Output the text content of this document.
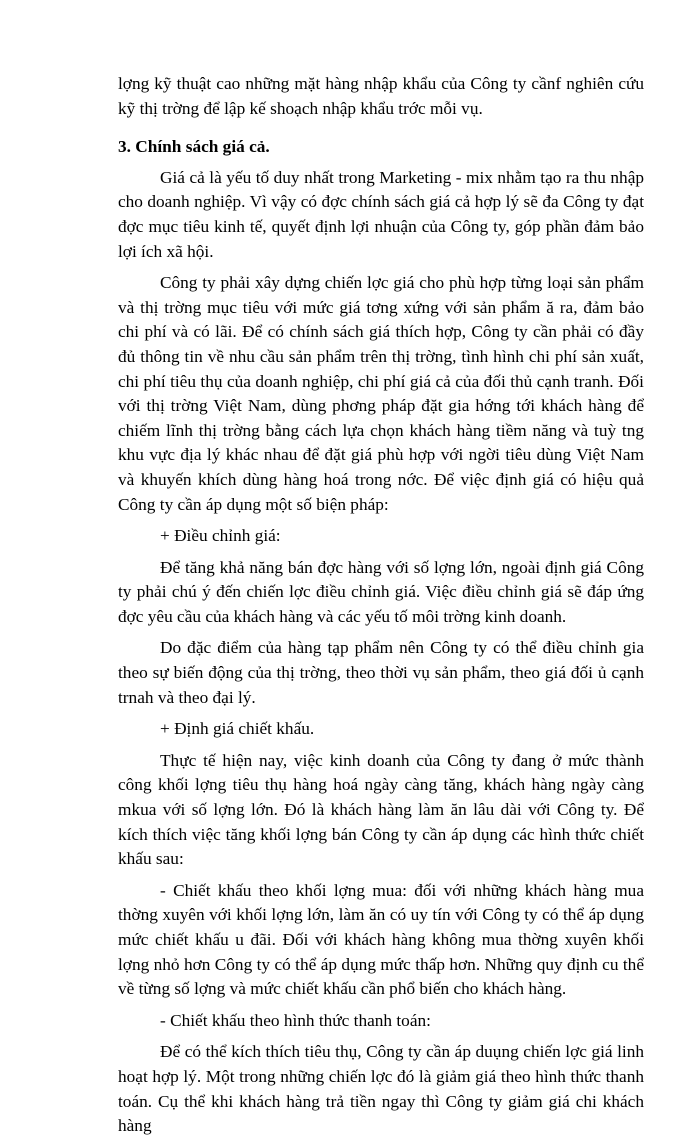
lợng kỹ thuật cao những mặt hàng nhập khẩu của Công ty cầnf nghiên cứu kỹ thị trờng để lập kế shoạch nhập khẩu trớc mỗi vụ.

3. Chính sách giá cả.

Giá cả là yếu tố duy nhất trong Marketing - mix nhằm tạo ra thu nhập cho doanh nghiệp. Vì vậy có đợc chính sách giá cả hợp lý sẽ đa Công ty đạt đợc mục tiêu kinh tế, quyết định lợi nhuận của Công ty, góp phần đảm bảo lợi ích xã hội.

Công ty phải xây dựng chiến lợc giá cho phù hợp từng loại sản phẩm và thị trờng mục tiêu với mức giá tơng xứng với sản phẩm ă ra, đảm bảo chi phí và có lãi. Để có chính sách giá thích hợp, Công ty cần phải có đầy đủ thông tin về nhu cầu sản phẩm trên thị trờng, tình hình chi phí sản xuất, chi phí tiêu thụ của doanh nghiệp, chi phí giá cả của đối thủ cạnh tranh. Đối với thị trờng Việt Nam, dùng phơng pháp đặt gia hớng tới khách hàng để chiếm lĩnh thị trờng bằng cách lựa chọn khách hàng tiềm năng và tuỳ tng khu vực địa lý khác nhau để đặt giá phù hợp với ngời tiêu dùng Việt Nam và khuyến khích dùng hàng hoá trong nớc. Để việc định giá có hiệu quả Công ty cần áp dụng một số biện pháp:

+ Điều chỉnh giá:

Để tăng khả năng bán đợc hàng với số lợng lớn, ngoài định giá Công ty phải chú ý đến chiến lợc điều chỉnh giá. Việc điều chỉnh giá sẽ đáp ứng đợc yêu cầu của khách hàng và các yếu tố môi trờng kinh doanh.

Do đặc điểm của hàng tạp phẩm nên Công ty có thể điều chỉnh gia theo sự biến động của thị trờng, theo thời vụ sản phẩm, theo giá đối ủ cạnh trnah và theo đại lý.

+ Định giá chiết khấu.

Thực tế hiện nay, việc kinh doanh của Công ty đang ở mức thành công khối lợng tiêu thụ hàng hoá ngày càng tăng, khách hàng ngày càng mkua với số lợng lớn. Đó là khách hàng làm ăn lâu dài với Công ty. Để kích thích việc tăng khối lợng bán Công ty cần áp dụng các hình thức chiết khấu sau:

- Chiết khấu theo khối lợng mua: đối với những khách hàng mua thờng xuyên với khối lợng lớn, làm ăn có uy tín với Công ty có thể áp dụng mức chiết khấu u đãi. Đối với khách hàng không mua thờng xuyên khối lợng nhỏ hơn Công ty có thể áp dụng mức thấp hơn. Những quy định cu thể về từng số lợng và mức chiết khấu cần phổ biến cho khách hàng.

- Chiết khấu theo hình thức thanh toán:

Để có thể kích thích tiêu thụ, Công ty cần áp duụng chiến lợc giá linh hoạt hợp lý. Một trong những chiến lợc đó là giảm giá theo hình thức thanh toán. Cụ thể khi khách hàng trả tiền ngay thì Công ty giảm giá chi khách hàng
